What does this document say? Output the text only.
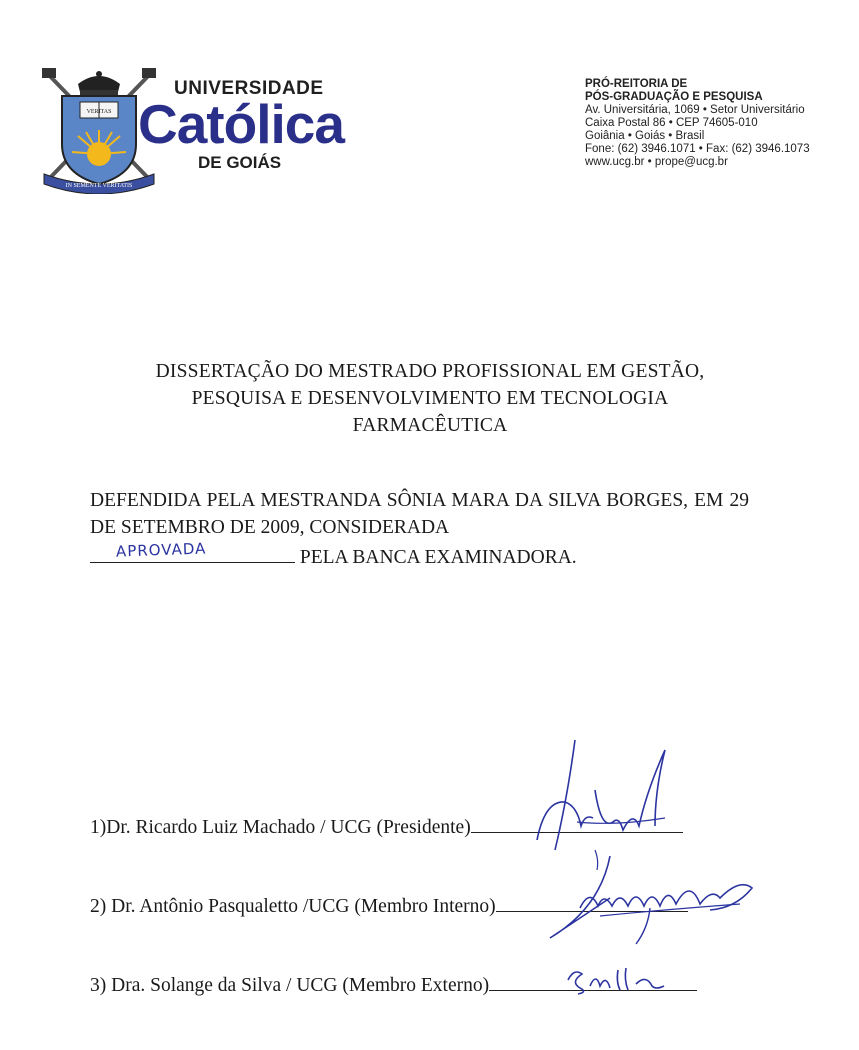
VERITAS
IN SEMENTE VERITATIS
UNIVERSIDADE
Católica
DE GOIÁS
PRÓ-REITORIA DE
PÓS-GRADUAÇÃO E PESQUISA
Av. Universitária, 1069 • Setor Universitário
Caixa Postal 86 • CEP 74605-010
Goiânia • Goiás • Brasil
Fone: (62) 3946.1071 • Fax: (62) 3946.1073
www.ucg.br • prope@ucg.br
DISSERTAÇÃO DO MESTRADO PROFISSIONAL EM GESTÃO,
PESQUISA E DESENVOLVIMENTO EM TECNOLOGIA
FARMACÊUTICA
DEFENDIDA PELA MESTRANDA SÔNIA MARA DA SILVA BORGES, EM 29 DE SETEMBRO DE 2009, CONSIDERADA

APROVADA	PELA BANCA EXAMINADORA.
1)Dr. Ricardo Luiz Machado / UCG (Presidente)
2) Dr. Antônio Pasqualetto /UCG (Membro Interno)
3) Dra. Solange da Silva / UCG (Membro Externo)
